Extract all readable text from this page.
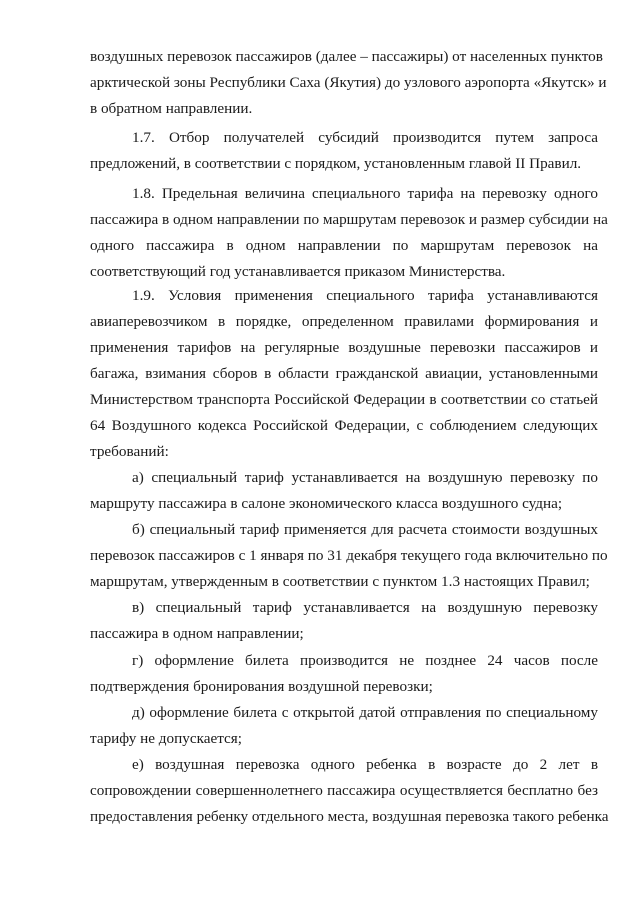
воздушных перевозок пассажиров (далее – пассажиры) от населенных пунктов
арктической зоны Республики Саха (Якутия) до узлового аэропорта «Якутск» и
в обратном направлении.
1.7. Отбор получателей субсидий производится путем запроса
предложений, в соответствии с порядком, установленным главой II Правил.
1.8. Предельная величина специального тарифа на перевозку одного
пассажира в одном направлении по маршрутам перевозок и размер субсидии на
одного пассажира в одном направлении по маршрутам перевозок на
соответствующий год устанавливается приказом Министерства.
1.9. Условия применения специального тарифа устанавливаются
авиаперевозчиком в порядке, определенном правилами формирования и
применения тарифов на регулярные воздушные перевозки пассажиров и
багажа, взимания сборов в области гражданской авиации, установленными
Министерством транспорта Российской Федерации в соответствии со статьей
64 Воздушного кодекса Российской Федерации, с соблюдением следующих
требований:
а) специальный тариф устанавливается на воздушную перевозку по
маршруту пассажира в салоне экономического класса воздушного судна;
б) специальный тариф применяется для расчета стоимости воздушных
перевозок пассажиров с 1 января по 31 декабря текущего года включительно по
маршрутам, утвержденным в соответствии с пунктом 1.3 настоящих Правил;
в) специальный тариф устанавливается на воздушную перевозку
пассажира в одном направлении;
г) оформление билета производится не позднее 24 часов после
подтверждения бронирования воздушной перевозки;
д) оформление билета с открытой датой отправления по специальному
тарифу не допускается;
е) воздушная перевозка одного ребенка в возрасте до 2 лет в
сопровождении совершеннолетнего пассажира осуществляется бесплатно без
предоставления ребенку отдельного места, воздушная перевозка такого ребенка
